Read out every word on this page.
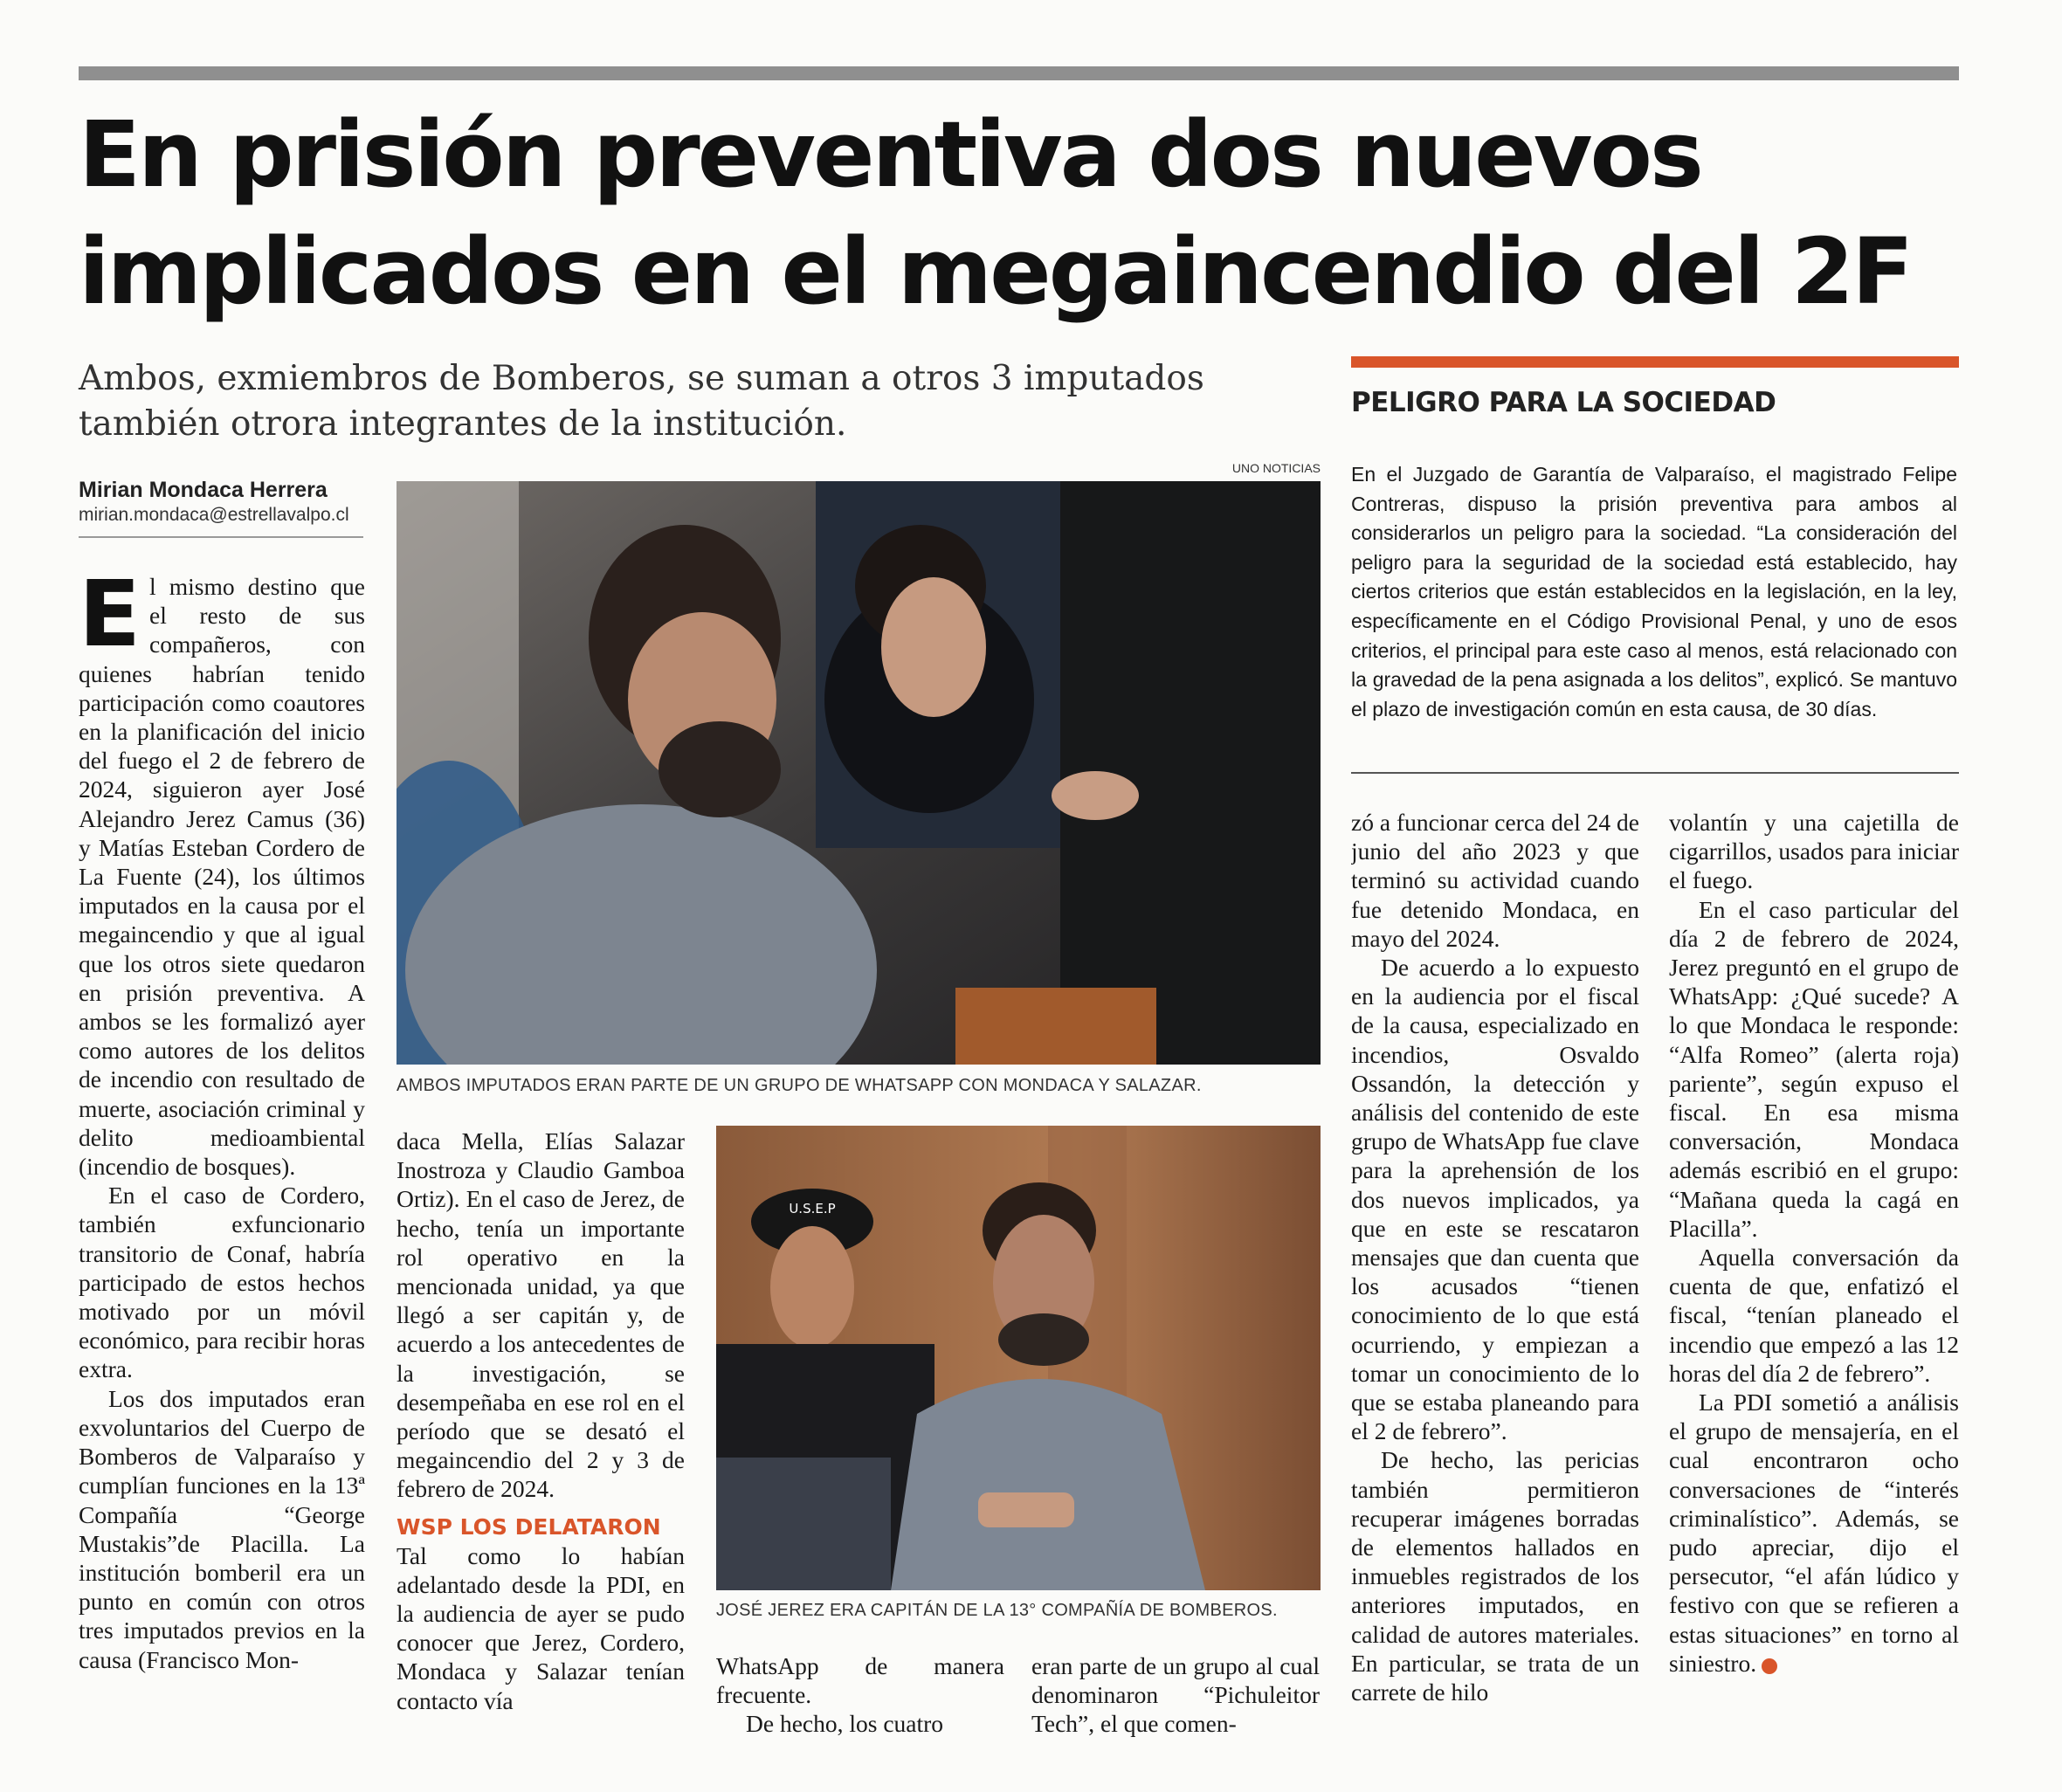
En prisión preventiva dos nuevos implicados en el megaincendio del 2F
Ambos, exmiembros de Bomberos, se suman a otros 3 imputados también otrora integrantes de la institución.
Mirian Mondaca Herrera
mirian.mondaca@estrellavalpo.cl
E l mismo destino que el resto de sus compañeros, con quienes habrían tenido participación como coautores en la planificación del inicio del fuego el 2 de febrero de 2024, siguieron ayer José Alejandro Jerez Camus (36) y Matías Esteban Cordero de La Fuente (24), los últimos imputados en la causa por el megaincendio y que al igual que los otros siete quedaron en prisión preventiva. A ambos se les formalizó ayer como autores de los delitos de incendio con resultado de muerte, asociación criminal y delito medioambiental (incendio de bosques).

En el caso de Cordero, también exfuncionario transitorio de Conaf, habría participado de estos hechos motivado por un móvil económico, para recibir horas extra.

Los dos imputados eran exvoluntarios del Cuerpo de Bomberos de Valparaíso y cumplían funciones en la 13ª Compañía “George Mustakis”de Placilla. La institución bomberil era un punto en común con otros tres imputados previos en la causa (Francisco Mon-

UNO NOTICIAS
AMBOS IMPUTADOS ERAN PARTE DE UN GRUPO DE WHATSAPP CON MONDACA Y SALAZAR.

daca Mella, Elías Salazar Inostroza y Claudio Gamboa Ortiz). En el caso de Jerez, de hecho, tenía un importante rol operativo en la mencionada unidad, ya que llegó a ser capitán y, de acuerdo a los antecedentes de la investigación, se desempeñaba en ese rol en el período que se desató el megaincendio del 2 y 3 de febrero de 2024.

WSP LOS DELATARON

Tal como lo habían adelantado desde la PDI, en la audiencia de ayer se pudo conocer que Jerez, Cordero, Mondaca y Salazar tenían contacto vía

U.S.E.P
JOSÉ JEREZ ERA CAPITÁN DE LA 13° COMPAÑÍA DE BOMBEROS.

WhatsApp de manera frecuente.

De hecho, los cuatro

eran parte de un grupo al cual denominaron “Pichuleitor Tech”, el que comen-

PELIGRO PARA LA SOCIEDAD

En el Juzgado de Garantía de Valparaíso, el magistrado Felipe Contreras, dispuso la prisión preventiva para ambos al considerarlos un peligro para la sociedad. “La consideración del peligro para la seguridad de la sociedad está establecido, hay ciertos criterios que están establecidos en la legislación, en la ley, específicamente en el Código Provisional Penal, y uno de esos criterios, el principal para este caso al menos, está relacionado con la gravedad de la pena asignada a los delitos”, explicó. Se mantuvo el plazo de investigación común en esta causa, de 30 días.

zó a funcionar cerca del 24 de junio del año 2023 y que terminó su actividad cuando fue detenido Mondaca, en mayo del 2024.

De acuerdo a lo expuesto en la audiencia por el fiscal de la causa, especializado en incendios, Osvaldo Ossandón, la detección y análisis del contenido de este grupo de WhatsApp fue clave para la aprehensión de los dos nuevos implicados, ya que en este se rescataron mensajes que dan cuenta que los acusados “tienen conocimiento de lo que está ocurriendo, y empiezan a tomar un conocimiento de lo que se estaba planeando para el 2 de febrero”.

De hecho, las pericias también permitieron recuperar imágenes borradas de elementos hallados en inmuebles registrados de los anteriores imputados, en calidad de autores materiales. En particular, se trata de un carrete de hilo

volantín y una cajetilla de cigarrillos, usados para iniciar el fuego.

En el caso particular del día 2 de febrero de 2024, Jerez preguntó en el grupo de WhatsApp: ¿Qué sucede? A lo que Mondaca le responde: “Alfa Romeo” (alerta roja) pariente”, según expuso el fiscal. En esa misma conversación, Mondaca además escribió en el grupo: “Mañana queda la cagá en Placilla”.

Aquella conversación da cuenta de que, enfatizó el fiscal, “tenían planeado el incendio que empezó a las 12 horas del día 2 de febrero”.

La PDI sometió a análisis el grupo de mensajería, en el cual encontraron ocho conversaciones de “interés criminalístico”. Además, se pudo apreciar, dijo el persecutor, “el afán lúdico y festivo con que se refieren a estas situaciones” en torno al siniestro.
